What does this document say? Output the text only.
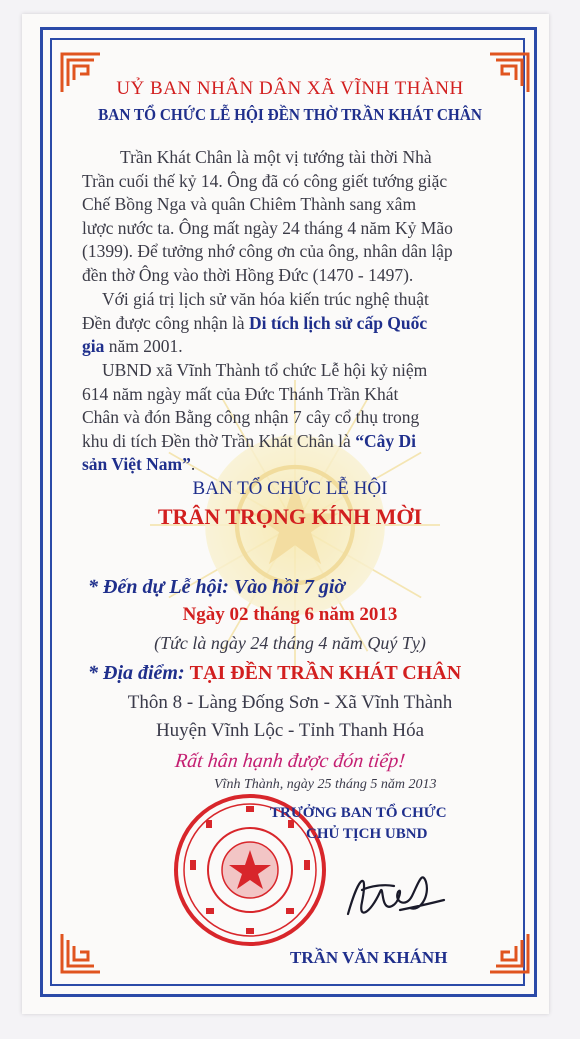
UỶ BAN NHÂN DÂN XÃ VĨNH THÀNH
BAN TỔ CHỨC LỄ HỘI ĐỀN THỜ TRẦN KHÁT CHÂN
Trần Khát Chân là một vị tướng tài thời Nhà
Trần cuối thế kỷ 14. Ông đã có công giết tướng giặc
Chế Bồng Nga và quân Chiêm Thành sang xâm
lược nước ta. Ông mất ngày 24 tháng 4 năm Kỷ Mão
(1399). Để tưởng nhớ công ơn của ông, nhân dân lập
đền thờ Ông vào thời Hồng Đức (1470 - 1497).
Với giá trị lịch sử văn hóa kiến trúc nghệ thuật
Đền được công nhận là Di tích lịch sử cấp Quốc
gia năm 2001.
UBND xã Vĩnh Thành tổ chức Lễ hội kỷ niệm
614 năm ngày mất của Đức Thánh Trần Khát
Chân và đón Bằng công nhận 7 cây cổ thụ trong
khu di tích Đền thờ Trần Khát Chân là “Cây Di
sản Việt Nam”.
BAN TỔ CHỨC LỄ HỘI
TRÂN TRỌNG KÍNH MỜI
* Đến dự Lễ hội: Vào hồi 7 giờ
Ngày 02 tháng 6 năm 2013
(Tức là ngày 24 tháng 4 năm Quý Tỵ)
* Địa điểm: TẠI ĐỀN TRẦN KHÁT CHÂN
Thôn 8 - Làng Đống Sơn - Xã Vĩnh Thành
Huyện Vĩnh Lộc - Tỉnh Thanh Hóa
Rất hân hạnh được đón tiếp!
Vĩnh Thành, ngày 25 tháng 5 năm 2013
TRƯỞNG BAN TỔ CHỨC
CHỦ TỊCH UBND
TRẦN VĂN KHÁNH
